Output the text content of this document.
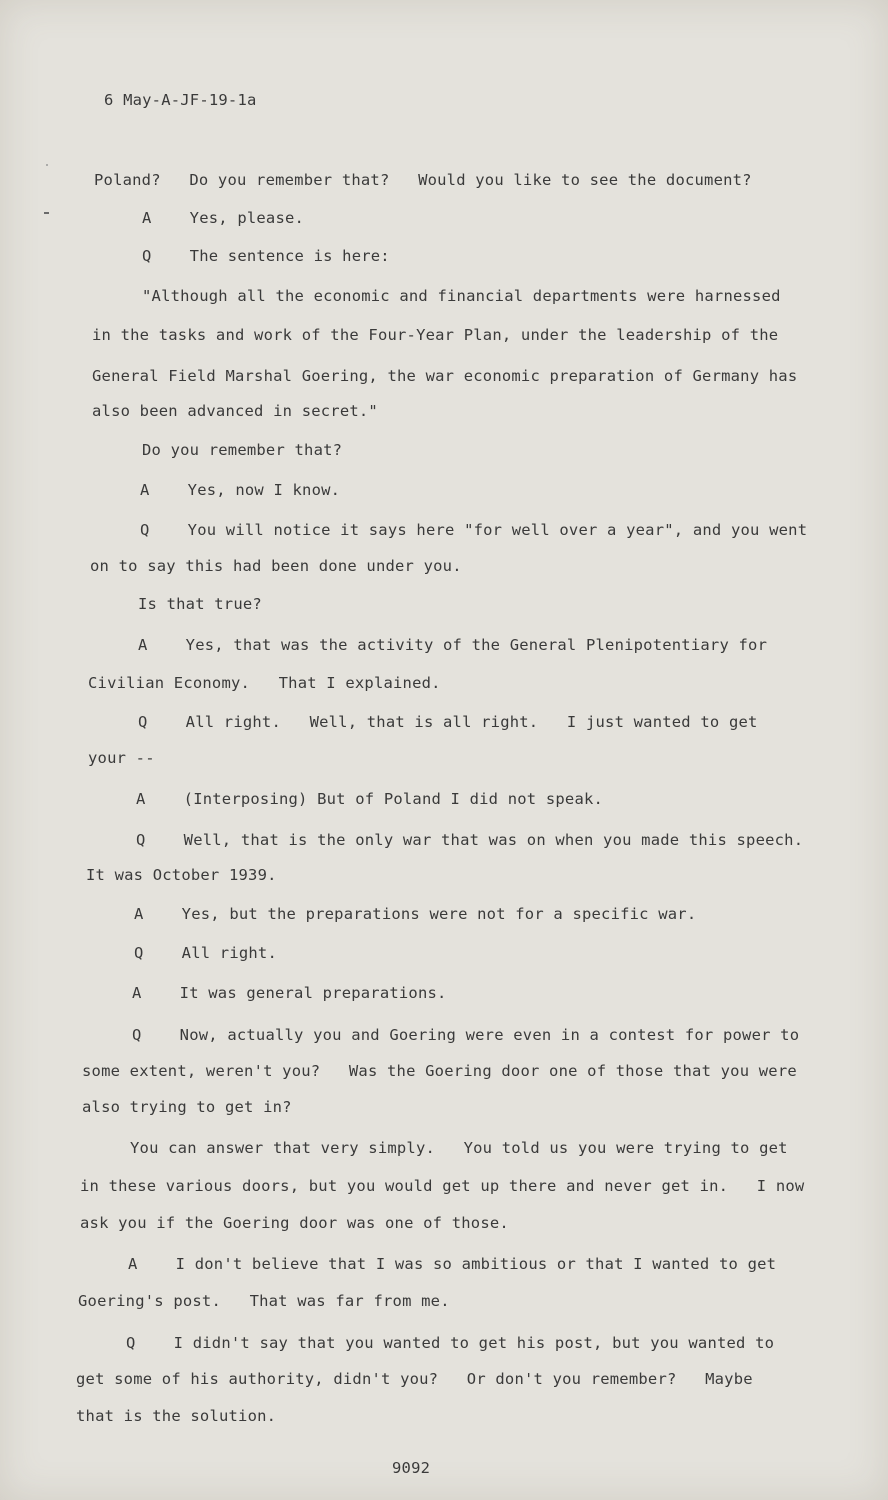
6 May-A-JF-19-1a
Poland?   Do you remember that?   Would you like to see the document?
A    Yes, please.
Q    The sentence is here:
"Although all the economic and financial departments were harnessed
in the tasks and work of the Four-Year Plan, under the leadership of the
General Field Marshal Goering, the war economic preparation of Germany has
also been advanced in secret."
Do you remember that?
A    Yes, now I know.
Q    You will notice it says here "for well over a year", and you went
on to say this had been done under you.
Is that true?
A    Yes, that was the activity of the General Plenipotentiary for
Civilian Economy.   That I explained.
Q    All right.   Well, that is all right.   I just wanted to get
your --
A    (Interposing) But of Poland I did not speak.
Q    Well, that is the only war that was on when you made this speech.
It was October 1939.
A    Yes, but the preparations were not for a specific war.
Q    All right.
A    It was general preparations.
Q    Now, actually you and Goering were even in a contest for power to
some extent, weren't you?   Was the Goering door one of those that you were
also trying to get in?
You can answer that very simply.   You told us you were trying to get
in these various doors, but you would get up there and never get in.   I now
ask you if the Goering door was one of those.
A    I don't believe that I was so ambitious or that I wanted to get
Goering's post.   That was far from me.
Q    I didn't say that you wanted to get his post, but you wanted to
get some of his authority, didn't you?   Or don't you remember?   Maybe
that is the solution.
9092
